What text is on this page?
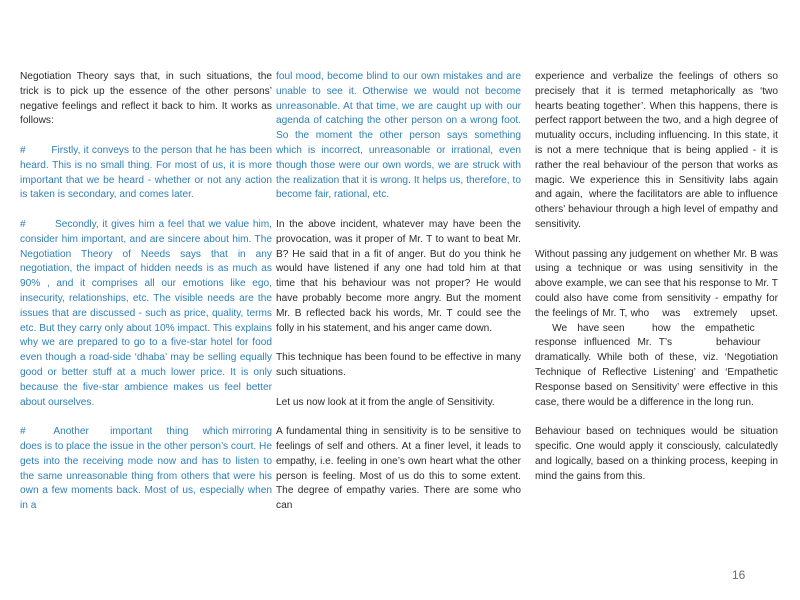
Negotiation Theory says that, in such situations, the trick is to pick up the essence of the other persons’ negative feelings and reflect it back to him. It works as follows:

#        Firstly, it conveys to the person that he has been heard. This is no small thing. For most of us, it is more important that we be heard - whether or not any action is taken is secondary, and comes later.

#        Secondly, it gives him a feel that we value him, consider him important, and are sincere about him. The Negotiation Theory of Needs says that in any negotiation, the impact of hidden needs is as much as 90% , and it comprises all our emotions like ego, insecurity, relationships, etc. The visible needs are the issues that are discussed - such as price, quality, terms etc. But they carry only about 10% impact. This explains why we are prepared to go to a five-star hotel for food even though a road-side ‘dhaba’ may be selling equally good or better stuff at a much lower price. It is only because the five-star ambience makes us feel better about ourselves.

#        Another      important    thing    which mirroring does is to place the issue in the other person’s court. He gets into the receiving mode now and has to listen to the same unreasonable thing from others that were his own a few moments back. Most of us, especially when in a

foul mood, become blind to our own mistakes and are unable to see it. Otherwise we would not become unreasonable. At that time, we are caught up with our agenda of catching the other person on a wrong foot. So the moment the other person says something which is incorrect, unreasonable or irrational, even though those were our own words, we are struck with the realization that it is wrong. It helps us, therefore, to become fair, rational, etc.

In the above incident, whatever may have been the provocation, was it proper of Mr. T to want to beat Mr. B? He said that in a fit of anger. But do you think he would have listened if any one had told him at that time that his behaviour was not proper? He would have probably become more angry. But the moment Mr. B reflected back his words, Mr. T could see the folly in his statement, and his anger came down.

This technique has been found to be effective in many such situations.

Let us now look at it from the angle of Sensitivity.

A fundamental thing in sensitivity is to be sensitive to feelings of self and others. At a finer level, it leads to empathy, i.e. feeling in one’s own heart what the other person is feeling. Most of us do this to some extent. The degree of empathy varies. There are some who can

experience and verbalize the feelings of others so precisely that it is termed metaphorically as ‘two hearts beating together’. When this happens, there is perfect rapport between the two, and a high degree of mutuality occurs, including influencing. In this state, it is not a mere technique that is being applied - it is rather the real behaviour of the person that works as magic. We experience this in Sensitivity labs again and again,  where the facilitators are able to influence others’ behaviour through a high level of empathy and sensitivity.

Without passing any judgement on whether Mr. B was using a technique or was using sensitivity in the above example, we can see that his response to Mr. T could also have come from sensitivity - empathy for the feelings of Mr. T, who    was    extremely    upset.      We   have seen        how   the   empathetic        response influenced Mr. T’s      behaviour    dramatically. While both of these, viz. ‘Negotiation Technique of Reflective Listening’ and ‘Empathetic Response based on Sensitivity’ were effective in this case, there would be a difference in the long run.

Behaviour based on techniques would be situation specific. One would apply it consciously, calculatedly and logically, based on a thinking process, keeping in mind the gains from this.

16
